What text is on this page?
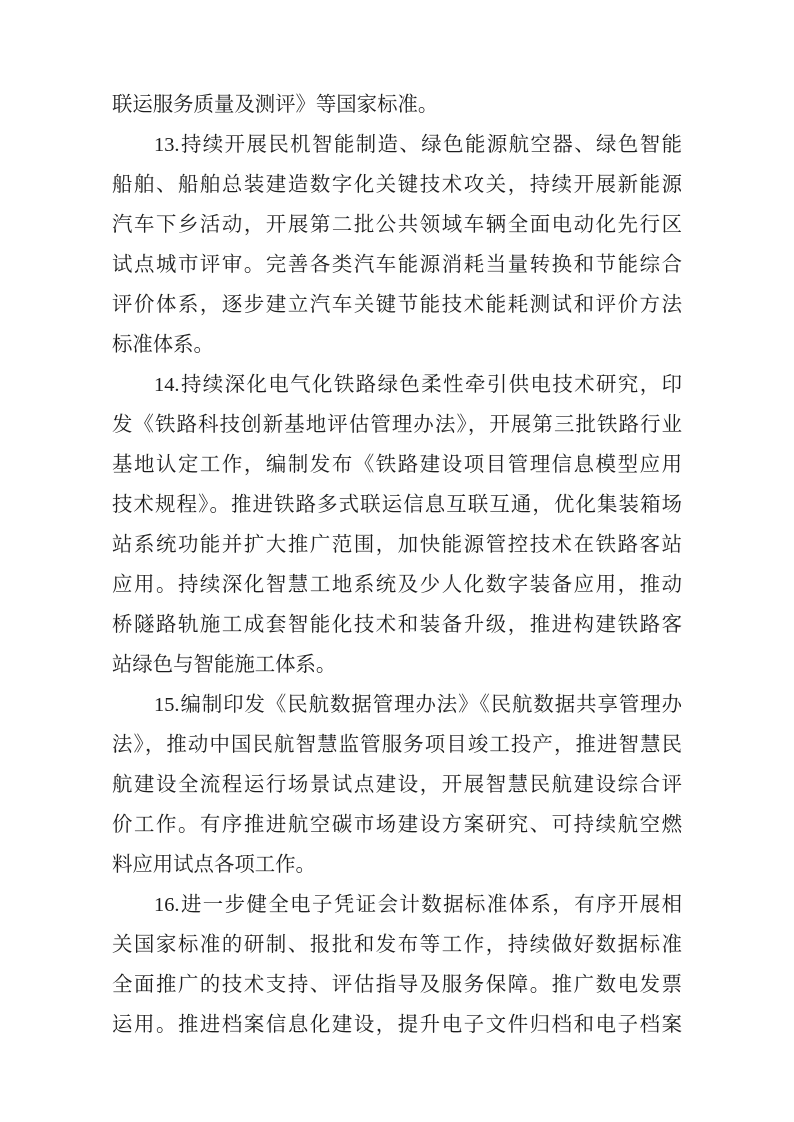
联运服务质量及测评》等国家标准。
13.持续开展民机智能制造、绿色能源航空器、绿色智能
船舶、船舶总装建造数字化关键技术攻关，持续开展新能源
汽车下乡活动，开展第二批公共领域车辆全面电动化先行区
试点城市评审。完善各类汽车能源消耗当量转换和节能综合
评价体系，逐步建立汽车关键节能技术能耗测试和评价方法
标准体系。
14.持续深化电气化铁路绿色柔性牵引供电技术研究，印
发《铁路科技创新基地评估管理办法》，开展第三批铁路行业
基地认定工作，编制发布《铁路建设项目管理信息模型应用
技术规程》。推进铁路多式联运信息互联互通，优化集装箱场
站系统功能并扩大推广范围，加快能源管控技术在铁路客站
应用。持续深化智慧工地系统及少人化数字装备应用，推动
桥隧路轨施工成套智能化技术和装备升级，推进构建铁路客
站绿色与智能施工体系。
15.编制印发《民航数据管理办法》《民航数据共享管理办
法》，推动中国民航智慧监管服务项目竣工投产，推进智慧民
航建设全流程运行场景试点建设，开展智慧民航建设综合评
价工作。有序推进航空碳市场建设方案研究、可持续航空燃
料应用试点各项工作。
16.进一步健全电子凭证会计数据标准体系，有序开展相
关国家标准的研制、报批和发布等工作，持续做好数据标准
全面推广的技术支持、评估指导及服务保障。推广数电发票
运用。推进档案信息化建设，提升电子文件归档和电子档案
